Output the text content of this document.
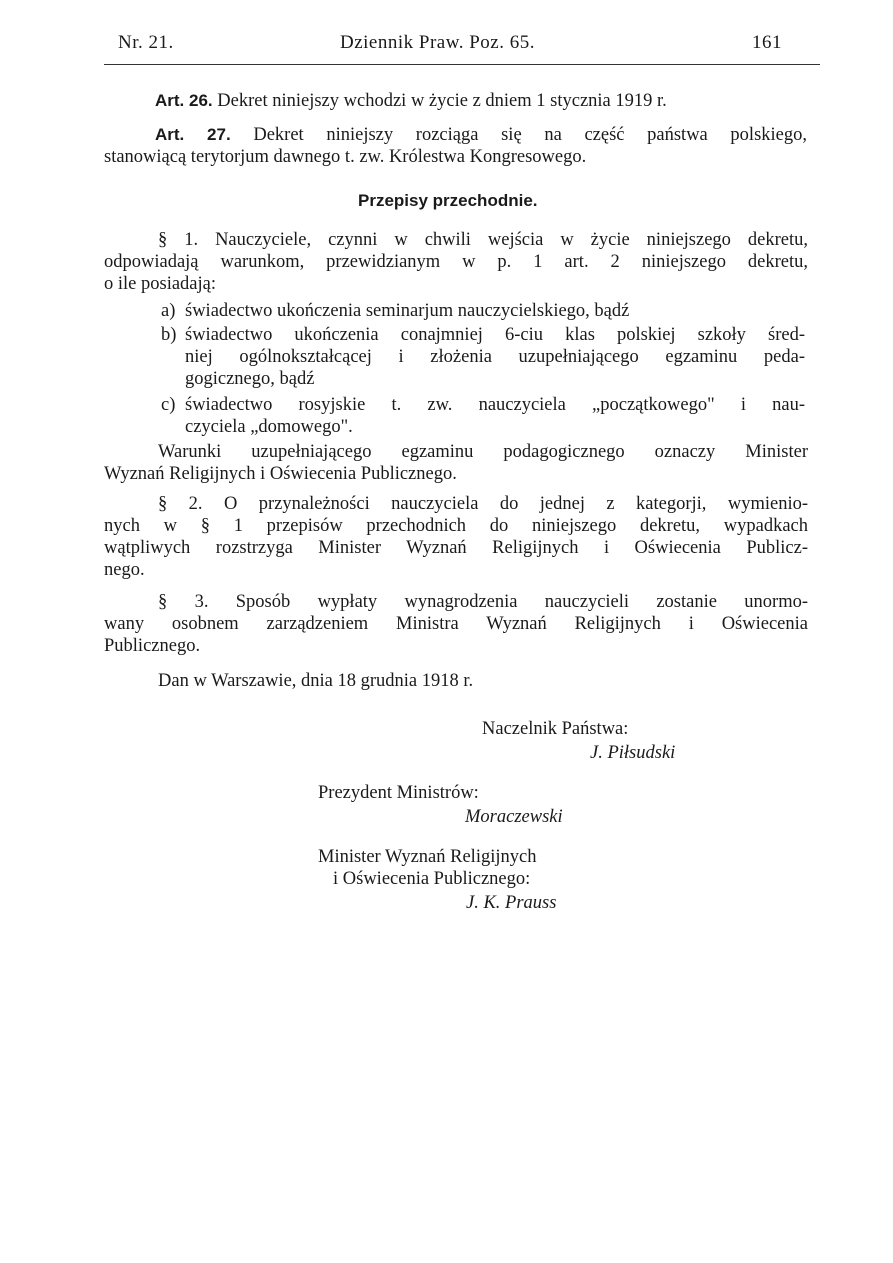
Nr. 21.	Dziennik Praw. Poz. 65.	161
Art. 26. Dekret niniejszy wchodzi w życie z dniem 1 stycznia 1919 r.
Art. 27. Dekret niniejszy rozciąga się na część państwa polskiego,
stanowiącą terytorjum dawnego t. zw. Królestwa Kongresowego.
Przepisy przechodnie.
§ 1. Nauczyciele, czynni w chwili wejścia w życie niniejszego dekretu,
odpowiadają warunkom, przewidzianym w p. 1 art. 2 niniejszego dekretu,
o ile posiadają:
a) świadectwo ukończenia seminarjum nauczycielskiego, bądź
b) świadectwo ukończenia conajmniej 6-ciu klas polskiej szkoły śred-
niej ogólnokształcącej i złożenia uzupełniającego egzaminu peda-
gogicznego, bądź
c) świadectwo rosyjskie t. zw. nauczyciela „początkowego" i nau-
czyciela „domowego".
Warunki uzupełniającego egzaminu podagogicznego oznaczy Minister
Wyznań Religijnych i Oświecenia Publicznego.
§ 2. O przynależności nauczyciela do jednej z kategorji, wymienio-
nych w § 1 przepisów przechodnich do niniejszego dekretu, wypadkach
wątpliwych rozstrzyga Minister Wyznań Religijnych i Oświecenia Publicz-
nego.
§ 3. Sposób wypłaty wynagrodzenia nauczycieli zostanie unormo-
wany osobnem zarządzeniem Ministra Wyznań Religijnych i Oświecenia
Publicznego.
Dan w Warszawie, dnia 18 grudnia 1918 r.
Naczelnik Państwa:
J. Piłsudski
Prezydent Ministrów:
Moraczewski
Minister Wyznań Religijnych
i Oświecenia Publicznego:
J. K. Prauss
